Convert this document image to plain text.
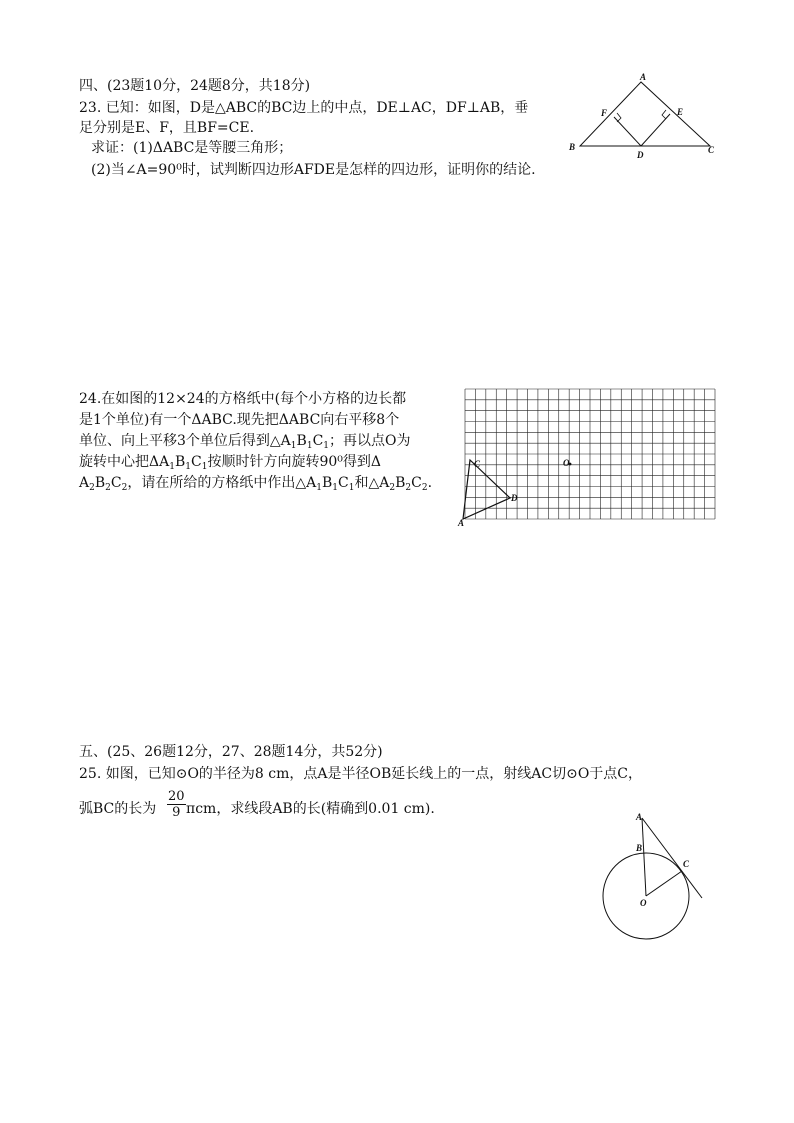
四、(23题10分，24题8分，共18分)
23. 已知：如图，D是△ABC的BC边上的中点，DE⊥AC，DF⊥AB，垂
足分别是E、F，且BF=CE.
求证：(1)ΔABC是等腰三角形；
(2)当∠A=90⁰时，试判断四边形AFDE是怎样的四边形，证明你的结论.
A
B	C
D
E
F
24.在如图的12×24的方格纸中(每个小方格的边长都
是1个单位)有一个ΔABC.现先把ΔABC向右平移8个
单位、向上平移3个单位后得到$\triangle A_1B_1C_1$；再以点O为
旋转中心把$\Delta A_1B_1C_1$按顺时针方向旋转90⁰得到Δ
$A_2B_2C_2$，请在所给的方格纸中作出$\triangle A_1B_1C_1$和$\triangle A_2B_2C_2$.
C
A
D
O
五、(25、26题12分，27、28题14分，共52分)
25. 如图，已知⊙O的半径为8 cm，点A是半径OB延长线上的一点，射线AC切⊙O于点C，
弧BC的长为 $\frac{20}{9}$ πcm，求线段AB的长(精确到0.01 cm).	A
B
C
O
